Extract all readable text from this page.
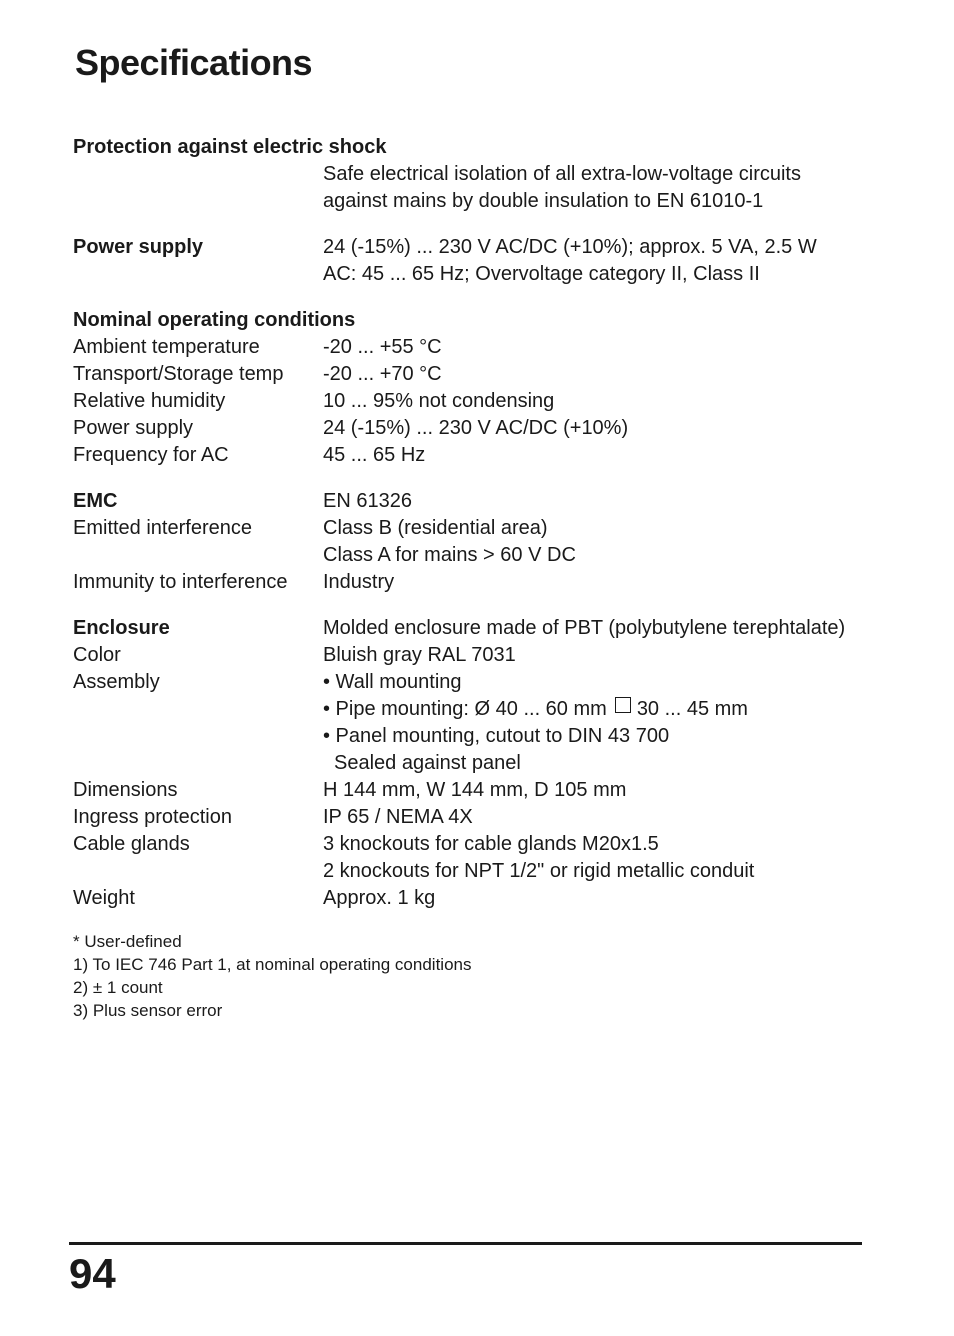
Specifications
Protection against electric shock
Safe electrical isolation of all extra-low-voltage circuits
against mains by double insulation to EN 61010-1
Power supply	24 (-15%) ... 230 V AC/DC (+10%); approx. 5 VA, 2.5 W
AC: 45 ... 65 Hz; Overvoltage category II, Class II
Nominal operating conditions
Ambient temperature	-20 ... +55 °C
Transport/Storage temp	-20 ... +70 °C
Relative humidity	10 ... 95% not condensing
Power supply	24 (-15%) ... 230 V AC/DC (+10%)
Frequency for AC	45 ... 65 Hz
EMC	EN 61326
Emitted interference	Class B (residential area)
Class A for mains > 60 V DC
Immunity to interference	Industry
Enclosure	Molded enclosure made of PBT (polybutylene terephtalate)
Color	Bluish gray RAL 7031
Assembly	• Wall mounting
• Pipe mounting: Ø 40 ... 60 mm 30 ... 45 mm
• Panel mounting, cutout to DIN 43 700
Sealed against panel
Dimensions	H 144 mm, W 144 mm, D 105 mm
Ingress protection	IP 65 / NEMA 4X
Cable glands	3 knockouts for cable glands M20x1.5
2 knockouts for NPT 1/2" or rigid metallic conduit
Weight	Approx. 1 kg
* User-defined
1) To IEC 746 Part 1, at nominal operating conditions
2) ± 1 count
3) Plus sensor error
94
